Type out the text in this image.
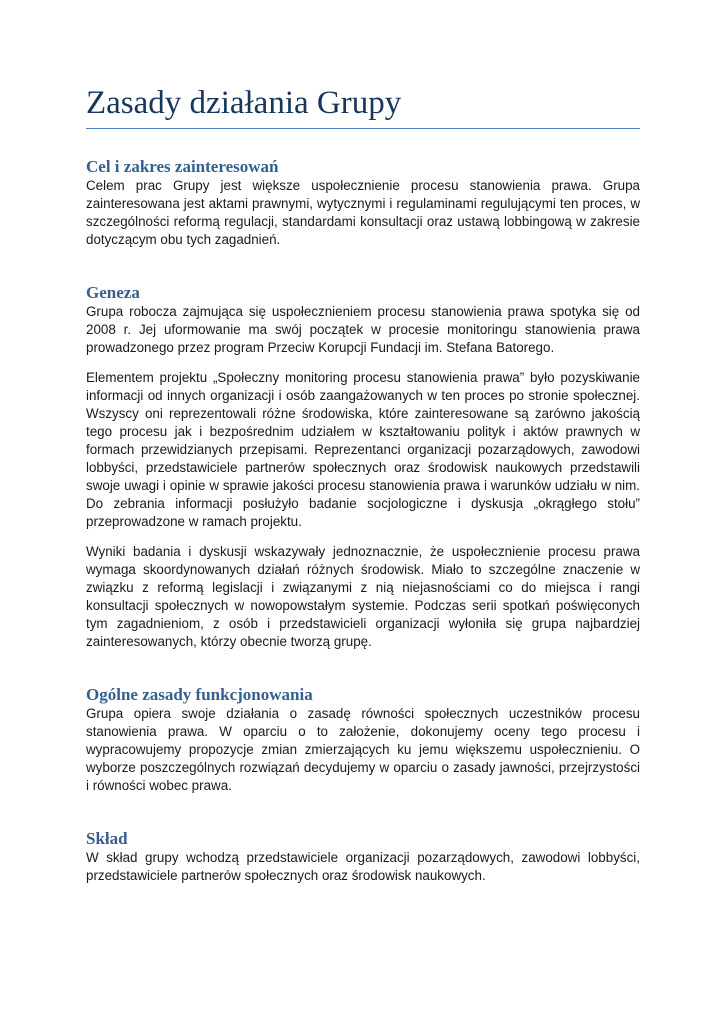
Zasady działania Grupy
Cel i zakres zainteresowań

Celem prac Grupy jest większe uspołecznienie procesu stanowienia prawa. Grupa zainteresowana jest aktami prawnymi, wytycznymi i regulaminami regulującymi ten proces, w szczególności reformą regulacji, standardami konsultacji oraz ustawą lobbingową w zakresie dotyczącym obu tych zagadnień.

Geneza

Grupa robocza zajmująca się uspołecznieniem procesu stanowienia prawa spotyka się od 2008 r. Jej uformowanie ma swój początek w procesie monitoringu stanowienia prawa prowadzonego przez program Przeciw Korupcji Fundacji im. Stefana Batorego.

Elementem projektu „Społeczny monitoring procesu stanowienia prawa” było pozyskiwanie informacji od innych organizacji i osób zaangażowanych w ten proces po stronie społecznej. Wszyscy oni reprezentowali różne środowiska, które zainteresowane są zarówno jakością tego procesu jak i bezpośrednim udziałem w kształtowaniu polityk i aktów prawnych w formach przewidzianych przepisami. Reprezentanci organizacji pozarządowych, zawodowi lobbyści, przedstawiciele partnerów społecznych oraz środowisk naukowych przedstawili swoje uwagi i opinie w sprawie jakości procesu stanowienia prawa i warunków udziału w nim. Do zebrania informacji posłużyło badanie socjologiczne i dyskusja „okrągłego stołu” przeprowadzone w ramach projektu.

Wyniki badania i dyskusji wskazywały jednoznacznie, że uspołecznienie procesu prawa wymaga skoordynowanych działań różnych środowisk. Miało to szczególne znaczenie w związku z reformą legislacji i związanymi z nią niejasnościami co do miejsca i rangi konsultacji społecznych w nowopowstałym systemie. Podczas serii spotkań poświęconych tym zagadnieniom, z osób i przedstawicieli organizacji wyłoniła się grupa najbardziej zainteresowanych, którzy obecnie tworzą grupę.

Ogólne zasady funkcjonowania

Grupa opiera swoje działania o zasadę równości społecznych uczestników procesu stanowienia prawa. W oparciu o to założenie, dokonujemy oceny tego procesu i wypracowujemy propozycje zmian zmierzających ku jemu większemu uspołecznieniu. O wyborze poszczególnych rozwiązań decydujemy w oparciu o zasady jawności, przejrzystości i równości wobec prawa.

Skład

W skład grupy wchodzą przedstawiciele organizacji pozarządowych, zawodowi lobbyści, przedstawiciele partnerów społecznych oraz środowisk naukowych.
